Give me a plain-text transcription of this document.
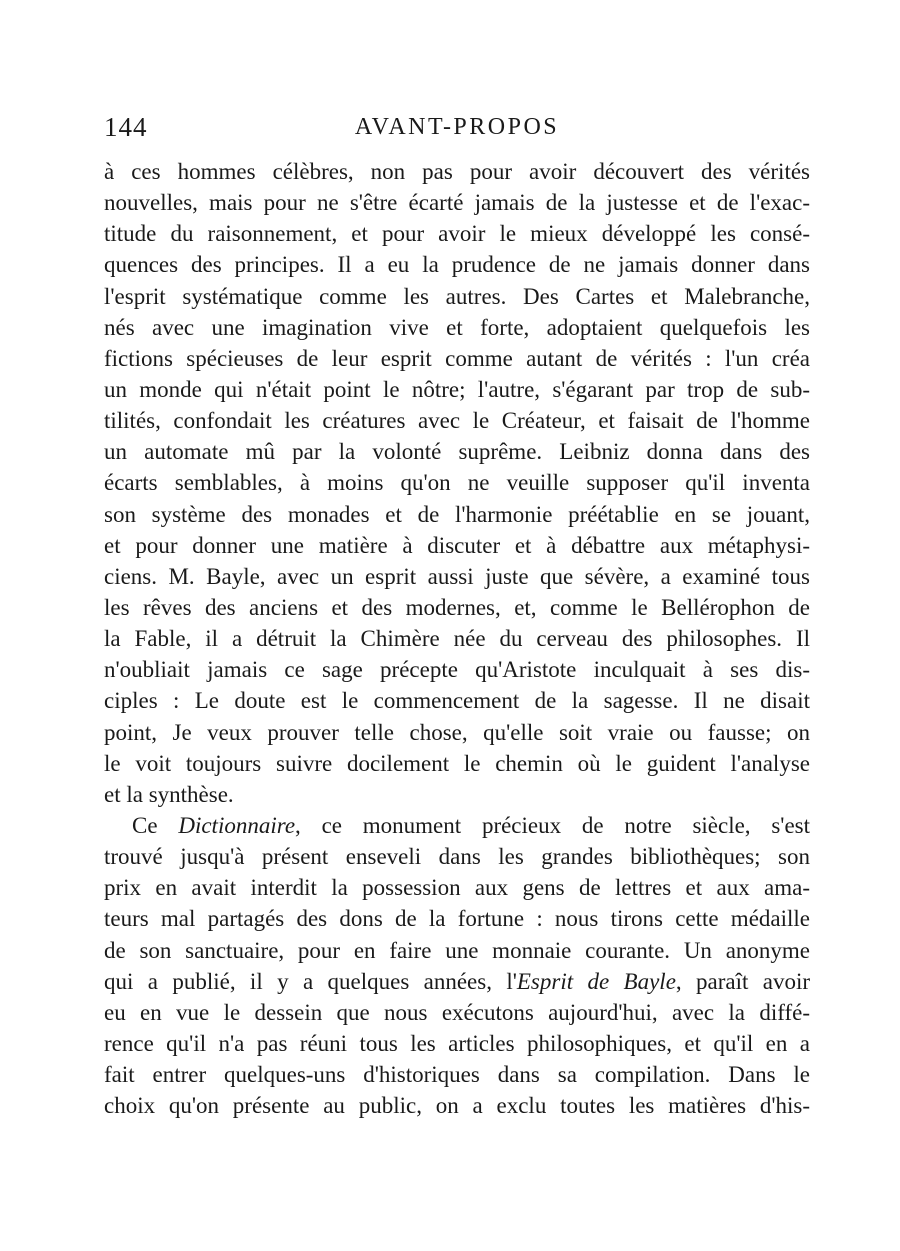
144	AVANT-PROPOS
à ces hommes célèbres, non pas pour avoir découvert des vérités
nouvelles, mais pour ne s'être écarté jamais de la justesse et de l'exac-
titude du raisonnement, et pour avoir le mieux développé les consé-
quences des principes. Il a eu la prudence de ne jamais donner dans
l'esprit systématique comme les autres. Des Cartes et Malebranche,
nés avec une imagination vive et forte, adoptaient quelquefois les
fictions spécieuses de leur esprit comme autant de vérités : l'un créa
un monde qui n'était point le nôtre; l'autre, s'égarant par trop de sub-
tilités, confondait les créatures avec le Créateur, et faisait de l'homme
un automate mû par la volonté suprême. Leibniz donna dans des
écarts semblables, à moins qu'on ne veuille supposer qu'il inventa
son système des monades et de l'harmonie préétablie en se jouant,
et pour donner une matière à discuter et à débattre aux métaphysi-
ciens. M. Bayle, avec un esprit aussi juste que sévère, a examiné tous
les rêves des anciens et des modernes, et, comme le Bellérophon de
la Fable, il a détruit la Chimère née du cerveau des philosophes. Il
n'oubliait jamais ce sage précepte qu'Aristote inculquait à ses dis-
ciples : Le doute est le commencement de la sagesse. Il ne disait
point, Je veux prouver telle chose, qu'elle soit vraie ou fausse; on
le voit toujours suivre docilement le chemin où le guident l'analyse
et la synthèse.
Ce Dictionnaire, ce monument précieux de notre siècle, s'est
trouvé jusqu'à présent enseveli dans les grandes bibliothèques; son
prix en avait interdit la possession aux gens de lettres et aux ama-
teurs mal partagés des dons de la fortune : nous tirons cette médaille
de son sanctuaire, pour en faire une monnaie courante. Un anonyme
qui a publié, il y a quelques années, l'Esprit de Bayle, paraît avoir
eu en vue le dessein que nous exécutons aujourd'hui, avec la diffé-
rence qu'il n'a pas réuni tous les articles philosophiques, et qu'il en a
fait entrer quelques-uns d'historiques dans sa compilation. Dans le
choix qu'on présente au public, on a exclu toutes les matières d'his-
